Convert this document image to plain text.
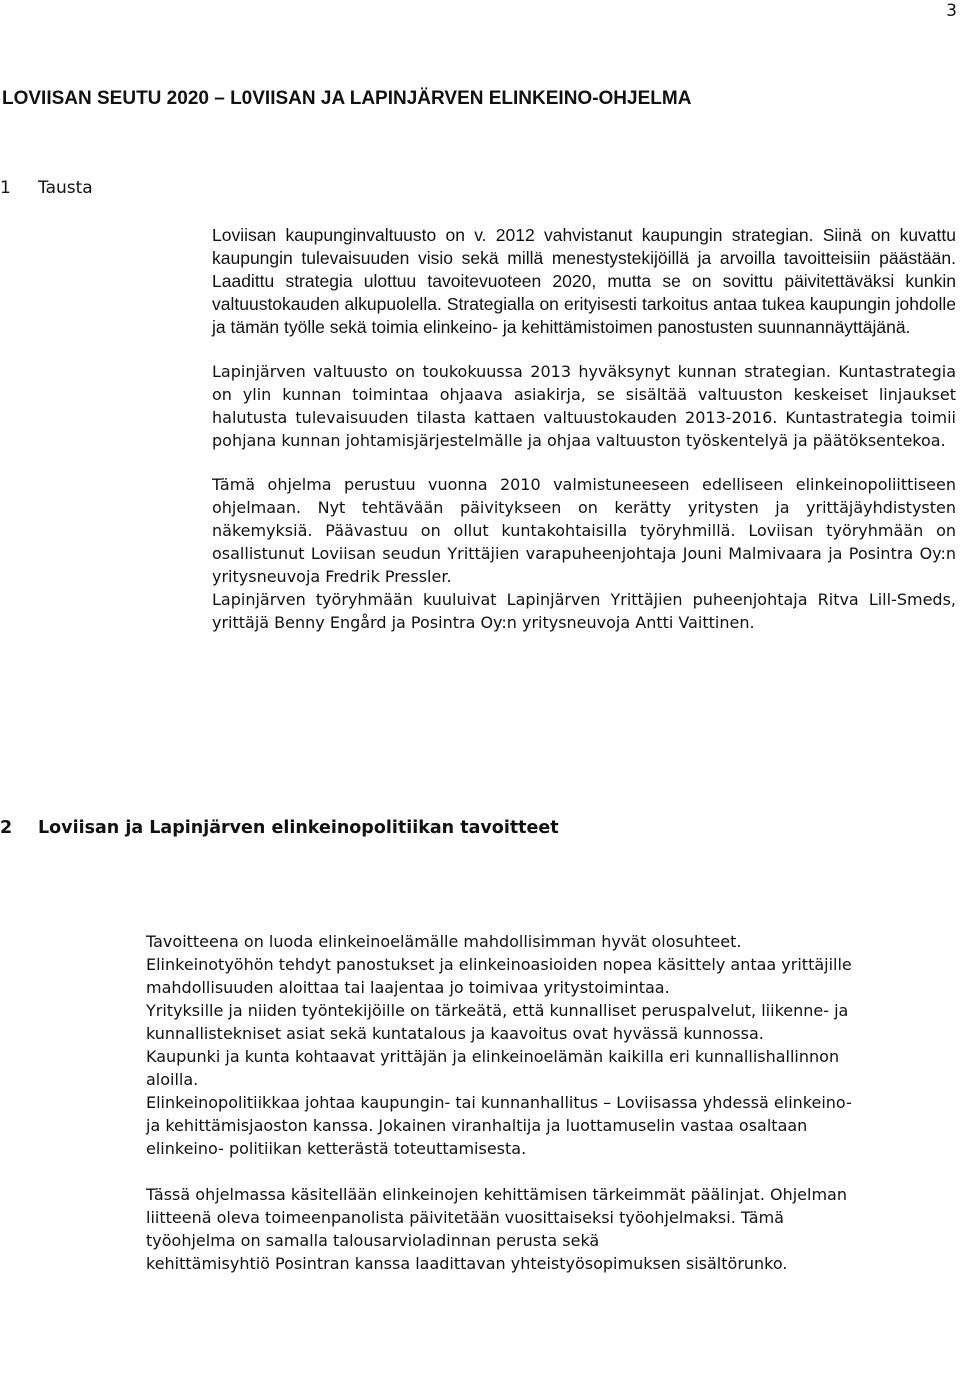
3
LOVIISAN SEUTU 2020 – L0VIISAN JA LAPINJÄRVEN ELINKEINO-OHJELMA
1 Tausta

Loviisan kaupunginvaltuusto on v. 2012 vahvistanut kaupungin strategian. Siinä on kuvattu kaupungin tulevaisuuden visio sekä millä menestystekijöillä ja arvoilla tavoitteisiin päästään. Laadittu strategia ulottuu tavoitevuoteen 2020, mutta se on sovittu päivitettäväksi kunkin valtuustokauden alkupuolella. Strategialla on erityisesti tarkoitus antaa tukea kaupungin johdolle ja tämän työlle sekä toimia elinkeino- ja kehittämistoimen panostusten suunnannäyttäjänä.

Lapinjärven valtuusto on toukokuussa 2013 hyväksynyt kunnan strategian. Kuntastrategia on ylin kunnan toimintaa ohjaava asiakirja, se sisältää valtuuston keskeiset linjaukset halutusta tulevaisuuden tilasta kattaen valtuustokauden 2013-2016. Kuntastrategia toimii pohjana kunnan johtamisjärjestelmälle ja ohjaa valtuuston työskentelyä ja päätöksentekoa.

Tämä ohjelma perustuu vuonna 2010 valmistuneeseen edelliseen elinkeinopoliittiseen ohjelmaan. Nyt tehtävään päivitykseen on kerätty yritysten ja yrittäjäyhdistysten näkemyksiä. Päävastuu on ollut kuntakohtaisilla työryhmillä. Loviisan työryhmään on osallistunut Loviisan seudun Yrittäjien varapuheenjohtaja Jouni Malmivaara ja Posintra Oy:n yritysneuvoja Fredrik Pressler.

Lapinjärven työryhmään kuuluivat Lapinjärven Yrittäjien puheenjohtaja Ritva Lill-Smeds, yrittäjä Benny Engård ja Posintra Oy:n yritysneuvoja Antti Vaittinen.

2 Loviisan ja Lapinjärven elinkeinopolitiikan tavoitteet

Tavoitteena on luoda elinkeinoelämälle mahdollisimman hyvät olosuhteet.

Elinkeinotyöhön tehdyt panostukset ja elinkeinoasioiden nopea käsittely antaa yrittäjille mahdollisuuden aloittaa tai laajentaa jo toimivaa yritystoimintaa.

Yrityksille ja niiden työntekijöille on tärkeätä, että kunnalliset peruspalvelut, liikenne- ja kunnallistekniset asiat sekä kuntatalous ja kaavoitus ovat hyvässä kunnossa.

Kaupunki ja kunta kohtaavat yrittäjän ja elinkeinoelämän kaikilla eri kunnallishallinnon aloilla.

Elinkeinopolitiikkaa johtaa kaupungin- tai kunnanhallitus – Loviisassa yhdessä elinkeino- ja kehittämisjaoston kanssa. Jokainen viranhaltija ja luottamuselin vastaa osaltaan elinkeino- politiikan ketterästä toteuttamisesta.

Tässä ohjelmassa käsitellään elinkeinojen kehittämisen tärkeimmät päälinjat. Ohjelman liitteenä oleva toimeenpanolista päivitetään vuosittaiseksi työohjelmaksi. Tämä työohjelma on samalla talousarvioladinnan perusta sekä

kehittämisyhtiö Posintran kanssa laadittavan yhteistyösopimuksen sisältörunko.
